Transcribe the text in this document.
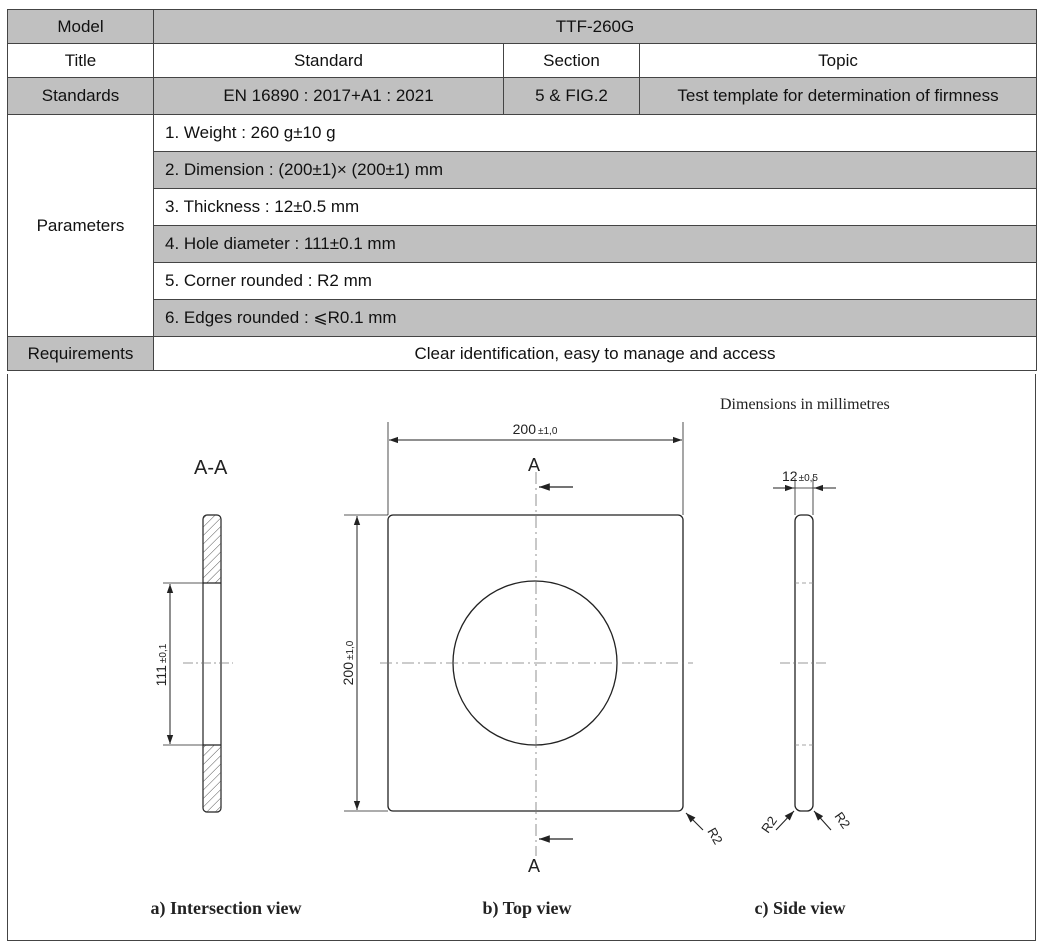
Model	TTF-260G		
Title	Standard	Section	Topic
Standards	EN 16890 : 2017+A1 : 2021	5 & FIG.2	Test template for determination of firmness
Parameters	1. Weight : 260 g±10 g		
	2. Dimension : (200±1)× (200±1) mm		
	3. Thickness : 12±0.5 mm		
	4. Hole diameter : 111±0.1 mm		
	5. Corner rounded : R2 mm		
	6. Edges rounded : ⩽R0.1 mm		
Requirements	Clear identification, easy to manage and access		
Dimensions in millimetres
A-A
111±0,1
200 ±1,0
200±1,0
A
A
R2
12±0,5
R2	R2
a) Intersection view	b) Top view	c) Side view
